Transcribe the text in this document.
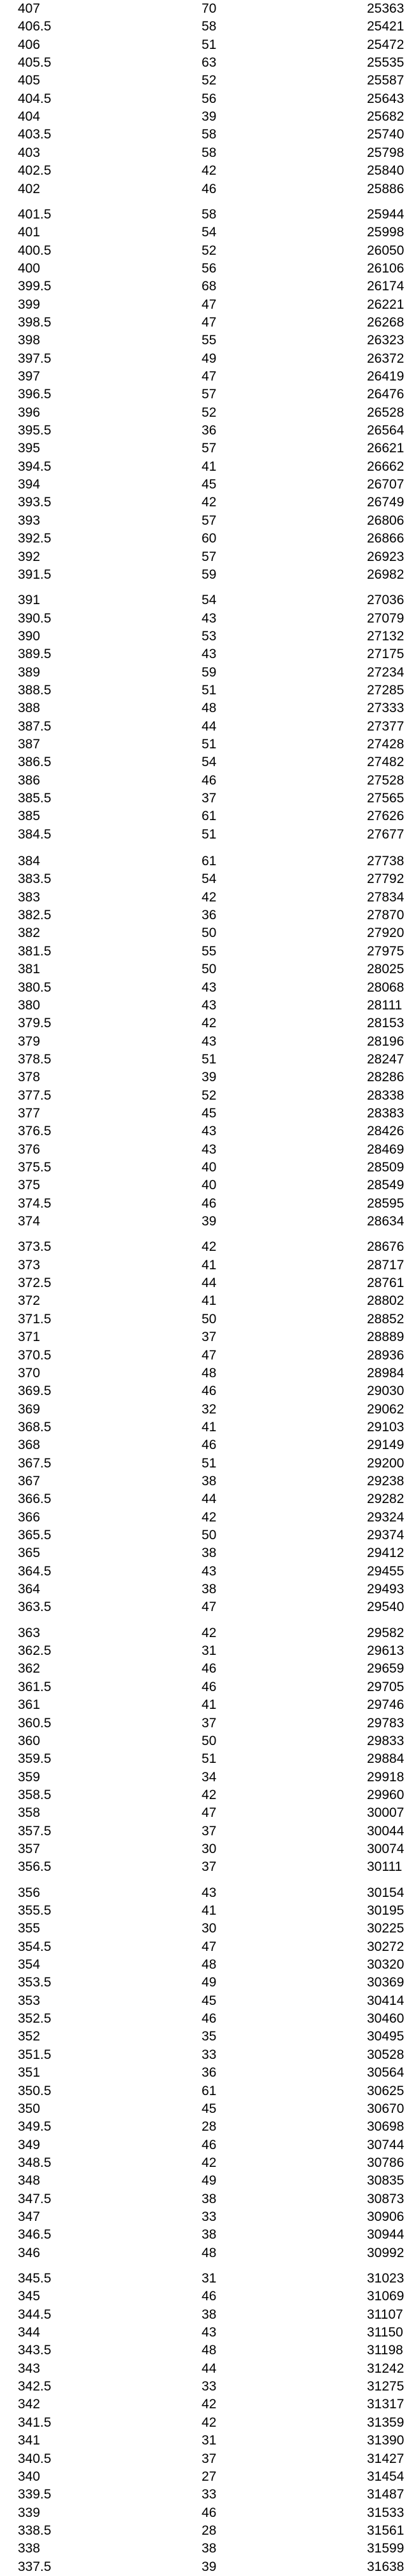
407	70	25363
406.5	58	25421
406	51	25472
405.5	63	25535
405	52	25587
404.5	56	25643
404	39	25682
403.5	58	25740
403	58	25798
402.5	42	25840
402	46	25886
401.5	58	25944
401	54	25998
400.5	52	26050
400	56	26106
399.5	68	26174
399	47	26221
398.5	47	26268
398	55	26323
397.5	49	26372
397	47	26419
396.5	57	26476
396	52	26528
395.5	36	26564
395	57	26621
394.5	41	26662
394	45	26707
393.5	42	26749
393	57	26806
392.5	60	26866
392	57	26923
391.5	59	26982
391	54	27036
390.5	43	27079
390	53	27132
389.5	43	27175
389	59	27234
388.5	51	27285
388	48	27333
387.5	44	27377
387	51	27428
386.5	54	27482
386	46	27528
385.5	37	27565
385	61	27626
384.5	51	27677
384	61	27738
383.5	54	27792
383	42	27834
382.5	36	27870
382	50	27920
381.5	55	27975
381	50	28025
380.5	43	28068
380	43	28111
379.5	42	28153
379	43	28196
378.5	51	28247
378	39	28286
377.5	52	28338
377	45	28383
376.5	43	28426
376	43	28469
375.5	40	28509
375	40	28549
374.5	46	28595
374	39	28634
373.5	42	28676
373	41	28717
372.5	44	28761
372	41	28802
371.5	50	28852
371	37	28889
370.5	47	28936
370	48	28984
369.5	46	29030
369	32	29062
368.5	41	29103
368	46	29149
367.5	51	29200
367	38	29238
366.5	44	29282
366	42	29324
365.5	50	29374
365	38	29412
364.5	43	29455
364	38	29493
363.5	47	29540
363	42	29582
362.5	31	29613
362	46	29659
361.5	46	29705
361	41	29746
360.5	37	29783
360	50	29833
359.5	51	29884
359	34	29918
358.5	42	29960
358	47	30007
357.5	37	30044
357	30	30074
356.5	37	30111
356	43	30154
355.5	41	30195
355	30	30225
354.5	47	30272
354	48	30320
353.5	49	30369
353	45	30414
352.5	46	30460
352	35	30495
351.5	33	30528
351	36	30564
350.5	61	30625
350	45	30670
349.5	28	30698
349	46	30744
348.5	42	30786
348	49	30835
347.5	38	30873
347	33	30906
346.5	38	30944
346	48	30992
345.5	31	31023
345	46	31069
344.5	38	31107
344	43	31150
343.5	48	31198
343	44	31242
342.5	33	31275
342	42	31317
341.5	42	31359
341	31	31390
340.5	37	31427
340	27	31454
339.5	33	31487
339	46	31533
338.5	28	31561
338	38	31599
337.5	39	31638
